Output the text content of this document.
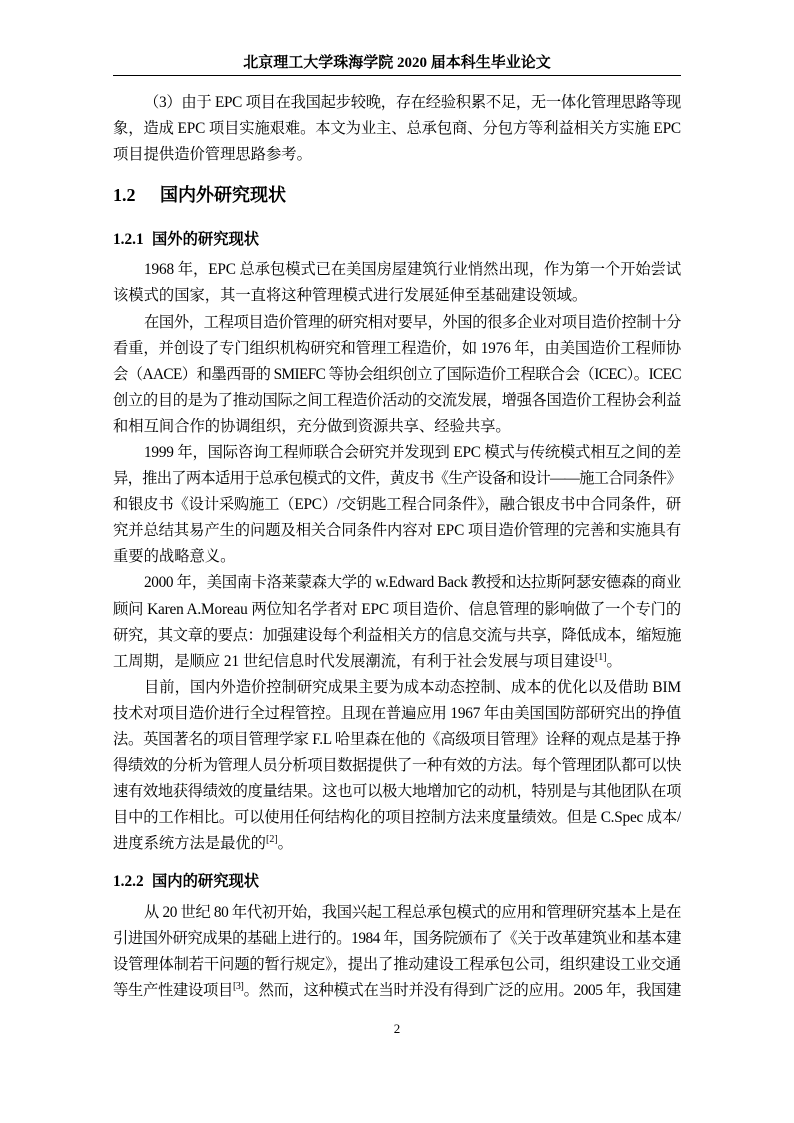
北京理工大学珠海学院 2020 届本科生毕业论文
（3）由于 EPC 项目在我国起步较晚，存在经验积累不足，无一体化管理思路等现
象，造成 EPC 项目实施艰难。本文为业主、总承包商、分包方等利益相关方实施 EPC
项目提供造价管理思路参考。
1.2	国内外研究现状
1.2.1 国外的研究现状
1968 年，EPC 总承包模式已在美国房屋建筑行业悄然出现，作为第一个开始尝试
该模式的国家，其一直将这种管理模式进行发展延伸至基础建设领域。
在国外，工程项目造价管理的研究相对要早，外国的很多企业对项目造价控制十分
看重，并创设了专门组织机构研究和管理工程造价，如 1976 年，由美国造价工程师协
会（AACE）和墨西哥的 SMIEFC 等协会组织创立了国际造价工程联合会（ICEC）。ICEC
创立的目的是为了推动国际之间工程造价活动的交流发展，增强各国造价工程协会利益
和相互间合作的协调组织，充分做到资源共享、经验共享。
1999 年，国际咨询工程师联合会研究并发现到 EPC 模式与传统模式相互之间的差
异，推出了两本适用于总承包模式的文件，黄皮书《生产设备和设计——施工合同条件》
和银皮书《设计采购施工（EPC）/交钥匙工程合同条件》，融合银皮书中合同条件，研
究并总结其易产生的问题及相关合同条件内容对 EPC 项目造价管理的完善和实施具有
重要的战略意义。
2000 年，美国南卡洛莱蒙森大学的 w.Edward Back 教授和达拉斯阿瑟安德森的商业
顾问 Karen A.Moreau 两位知名学者对 EPC 项目造价、信息管理的影响做了一个专门的
研究，其文章的要点：加强建设每个利益相关方的信息交流与共享，降低成本，缩短施
工周期，是顺应 21 世纪信息时代发展潮流，有利于社会发展与项目建设[1]。
目前，国内外造价控制研究成果主要为成本动态控制、成本的优化以及借助 BIM
技术对项目造价进行全过程管控。且现在普遍应用 1967 年由美国国防部研究出的挣值
法。英国著名的项目管理学家 F.L 哈里森在他的《高级项目管理》诠释的观点是基于挣
得绩效的分析为管理人员分析项目数据提供了一种有效的方法。每个管理团队都可以快
速有效地获得绩效的度量结果。这也可以极大地增加它的动机，特别是与其他团队在项
目中的工作相比。可以使用任何结构化的项目控制方法来度量绩效。但是 C.Spec 成本/
进度系统方法是最优的[2]。
1.2.2 国内的研究现状
从 20 世纪 80 年代初开始，我国兴起工程总承包模式的应用和管理研究基本上是在
引进国外研究成果的基础上进行的。1984 年，国务院颁布了《关于改革建筑业和基本建
设管理体制若干问题的暂行规定》，提出了推动建设工程承包公司，组织建设工业交通
等生产性建设项目[3]。然而，这种模式在当时并没有得到广泛的应用。2005 年，我国建
2
